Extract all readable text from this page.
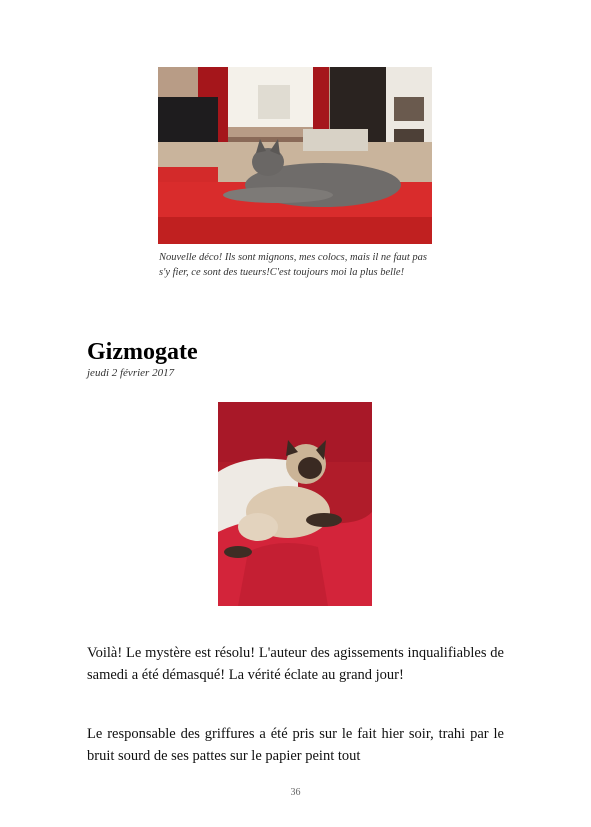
Nouvelle déco! Ils sont mignons, mes colocs, mais il ne faut pas s'y fier, ce sont des tueurs!C'est toujours moi la plus belle!
Gizmogate
jeudi 2 février 2017

Voilà! Le mystère est résolu! L'auteur des agissements inqualifiables de samedi a été démasqué! La vérité éclate au grand jour!

Le responsable des griffures a été pris sur le fait hier soir, trahi par le bruit sourd de ses pattes sur le papier peint tout

36
